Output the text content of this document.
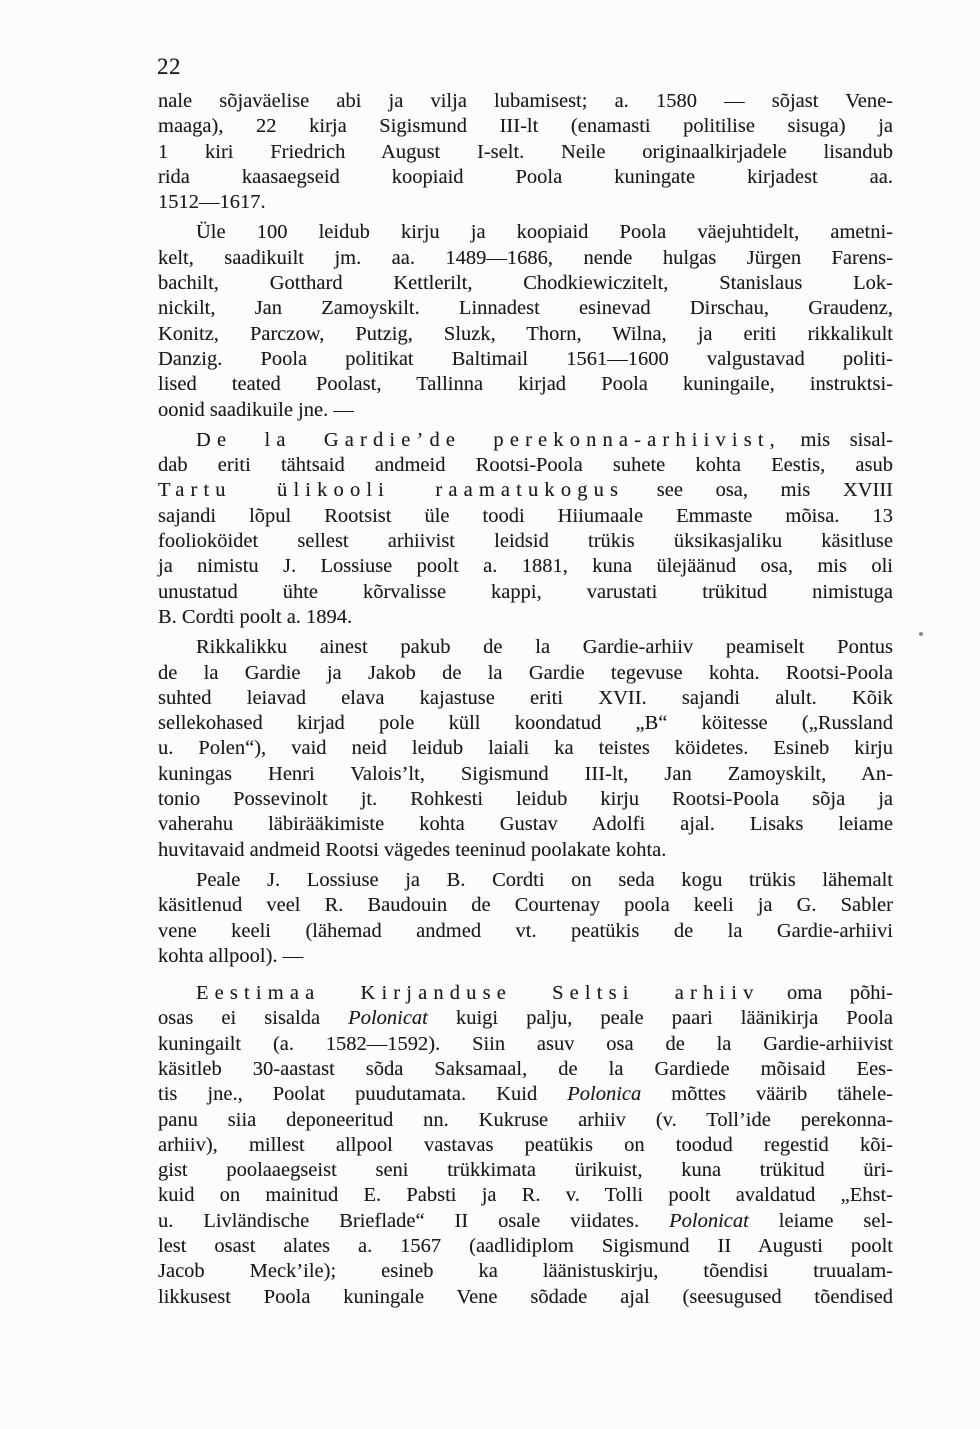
22
nale sõjaväelise abi ja vilja lubamisest; a. 1580 — sõjast Vene-
maaga), 22 kirja Sigismund III-lt (enamasti politilise sisuga) ja
1 kiri Friedrich August I-selt. Neile originaalkirjadele lisandub
rida kaasaegseid koopiaid Poola kuningate kirjadest aa.
1512—1617.
Üle 100 leidub kirju ja koopiaid Poola väejuhtidelt, ametni-
kelt, saadikuilt jm. aa. 1489—1686, nende hulgas Jürgen Farens-
bachilt, Gotthard Kettlerilt, Chodkiewiczitelt, Stanislaus Lok-
nickilt, Jan Zamoyskilt. Linnadest esinevad Dirschau, Graudenz,
Konitz, Parczow, Putzig, Sluzk, Thorn, Wilna, ja eriti rikkalikult
Danzig. Poola politikat Baltimail 1561—1600 valgustavad politi-
lised teated Poolast, Tallinna kirjad Poola kuningaile, instruktsi-
oonid saadikuile jne. —
De la Gardie’de perekonna-arhiivist, mis sisal-
dab eriti tähtsaid andmeid Rootsi-Poola suhete kohta Eestis, asub
Tartu ülikooli raamatukogus see osa, mis XVIII
sajandi lõpul Rootsist üle toodi Hiiumaale Emmaste mõisa. 13
foolioköidet sellest arhiivist leidsid trükis üksikasjaliku käsitluse
ja nimistu J. Lossiuse poolt a. 1881, kuna ülejäänud osa, mis oli
unustatud ühte kõrvalisse kappi, varustati trükitud nimistuga
B. Cordti poolt a. 1894.
Rikkalikku ainest pakub de la Gardie-arhiiv peamiselt Pontus
de la Gardie ja Jakob de la Gardie tegevuse kohta. Rootsi-Poola
suhted leiavad elava kajastuse eriti XVII. sajandi alult. Kõik
sellekohased kirjad pole küll koondatud „B“ köitesse („Russland
u. Polen“), vaid neid leidub laiali ka teistes köidetes. Esineb kirju
kuningas Henri Valois’lt, Sigismund III-lt, Jan Zamoyskilt, An-
tonio Possevinolt jt. Rohkesti leidub kirju Rootsi-Poola sõja ja
vaherahu läbirääkimiste kohta Gustav Adolfi ajal. Lisaks leiame
huvitavaid andmeid Rootsi vägedes teeninud poolakate kohta.
Peale J. Lossiuse ja B. Cordti on seda kogu trükis lähemalt
käsitlenud veel R. Baudouin de Courtenay poola keeli ja G. Sabler
vene keeli (lähemad andmed vt. peatükis de la Gardie-arhiivi
kohta allpool). —
Eestimaa Kirjanduse Seltsi arhiiv oma põhi-
osas ei sisalda Polonicat kuigi palju, peale paari läänikirja Poola
kuningailt (a. 1582—1592). Siin asuv osa de la Gardie-arhiivist
käsitleb 30-aastast sõda Saksamaal, de la Gardiede mõisaid Ees-
tis jne., Poolat puudutamata. Kuid Polonica mõttes väärib tähele-
panu siia deponeeritud nn. Kukruse arhiiv (v. Toll’ide perekonna-
arhiiv), millest allpool vastavas peatükis on toodud regestid kõi-
gist poolaaegseist seni trükkimata ürikuist, kuna trükitud üri-
kuid on mainitud E. Pabsti ja R. v. Tolli poolt avaldatud „Ehst-
u. Livländische Brieflade“ II osale viidates. Polonicat leiame sel-
lest osast alates a. 1567 (aadlidiplom Sigismund II Augusti poolt
Jacob Meck’ile); esineb ka läänistuskirju, tõendisi truualam-
likkusest Poola kuningale Vene sõdade ajal (seesugused tõendised
